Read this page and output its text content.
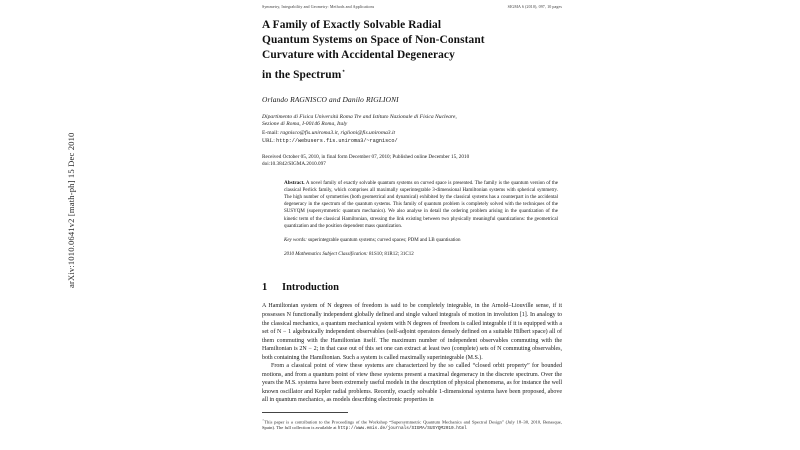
arXiv:1010.0641v2 [math-ph] 15 Dec 2010
Symmetry, Integrability and Geometry: Methods and Applications	SIGMA 6 (2010), 097, 10 pages
A Family of Exactly Solvable Radial
Quantum Systems on Space of Non-Constant
Curvature with Accidental Degeneracy
in the Spectrum⋆
Orlando RAGNISCO and Danilo RIGLIONI
Dipartimento di Fisica Università Roma Tre and Istituto Nazionale di Fisica Nucleare,
Sezione di Roma, I-00146 Roma, Italy
E-mail: ragnisco@fis.uniroma3.it, riglioni@fis.uniroma3.it
URL: http://webusers.fis.uniroma3/~ragnisco/
Received October 05, 2010, in final form December 07, 2010; Published online December 15, 2010
doi:10.3842/SIGMA.2010.097
Abstract. A novel family of exactly solvable quantum systems on curved space is presented. The family is the quantum version of the classical Perlick family, which comprises all maximally superintegrable 3-dimensional Hamiltonian systems with spherical symmetry. The high number of symmetries (both geometrical and dynamical) exhibited by the classical systems has a counterpart in the accidental degeneracy in the spectrum of the quantum systems. This family of quantum problem is completely solved with the techniques of the SUSYQM (supersymmetric quantum mechanics). We also analyse in detail the ordering problem arising in the quantization of the kinetic term of the classical Hamiltonian, stressing the link existing between two physically meaningful quantizations: the geometrical quantization and the position dependent mass quantization.
Key words: superintegrable quantum systems; curved spaces; PDM and LB quantisation
2010 Mathematics Subject Classification: 81S10; 81R12; 31C12
1 Introduction
A Hamiltonian system of N degrees of freedom is said to be completely integrable, in the Arnold–Liouville sense, if it possesses N functionally independent globally defined and single valued integrals of motion in involution [1]. In analogy to the classical mechanics, a quantum mechanical system with N degrees of freedom is called integrable if it is equipped with a set of N − 1 algebraically independent observables (self-adjoint operators densely defined on a suitable Hilbert space) all of them commuting with the Hamiltonian itself. The maximum number of independent observables commuting with the Hamiltonian is 2N − 2; in that case out of this set one can extract at least two (complete) sets of N commuting observables, both containing the Hamiltonian. Such a system is called maximally superintegrable (M.S.).
From a classical point of view these systems are characterized by the so called “closed orbit property” for bounded motions, and from a quantum point of view these systems present a maximal degeneracy in the discrete spectrum. Over the years the M.S. systems have been extremely useful models in the description of physical phenomena, as for instance the well known oscillator and Kepler radial problems. Recently, exactly solvable 1-dimensional systems have been proposed, above all in quantum mechanics, as models describing electronic properties in
⋆This paper is a contribution to the Proceedings of the Workshop “Supersymmetric Quantum Mechanics and Spectral Design” (July 18–30, 2010, Benasque, Spain). The full collection is available at http://www.emis.de/journals/SIGMA/SUSYQM2010.html
